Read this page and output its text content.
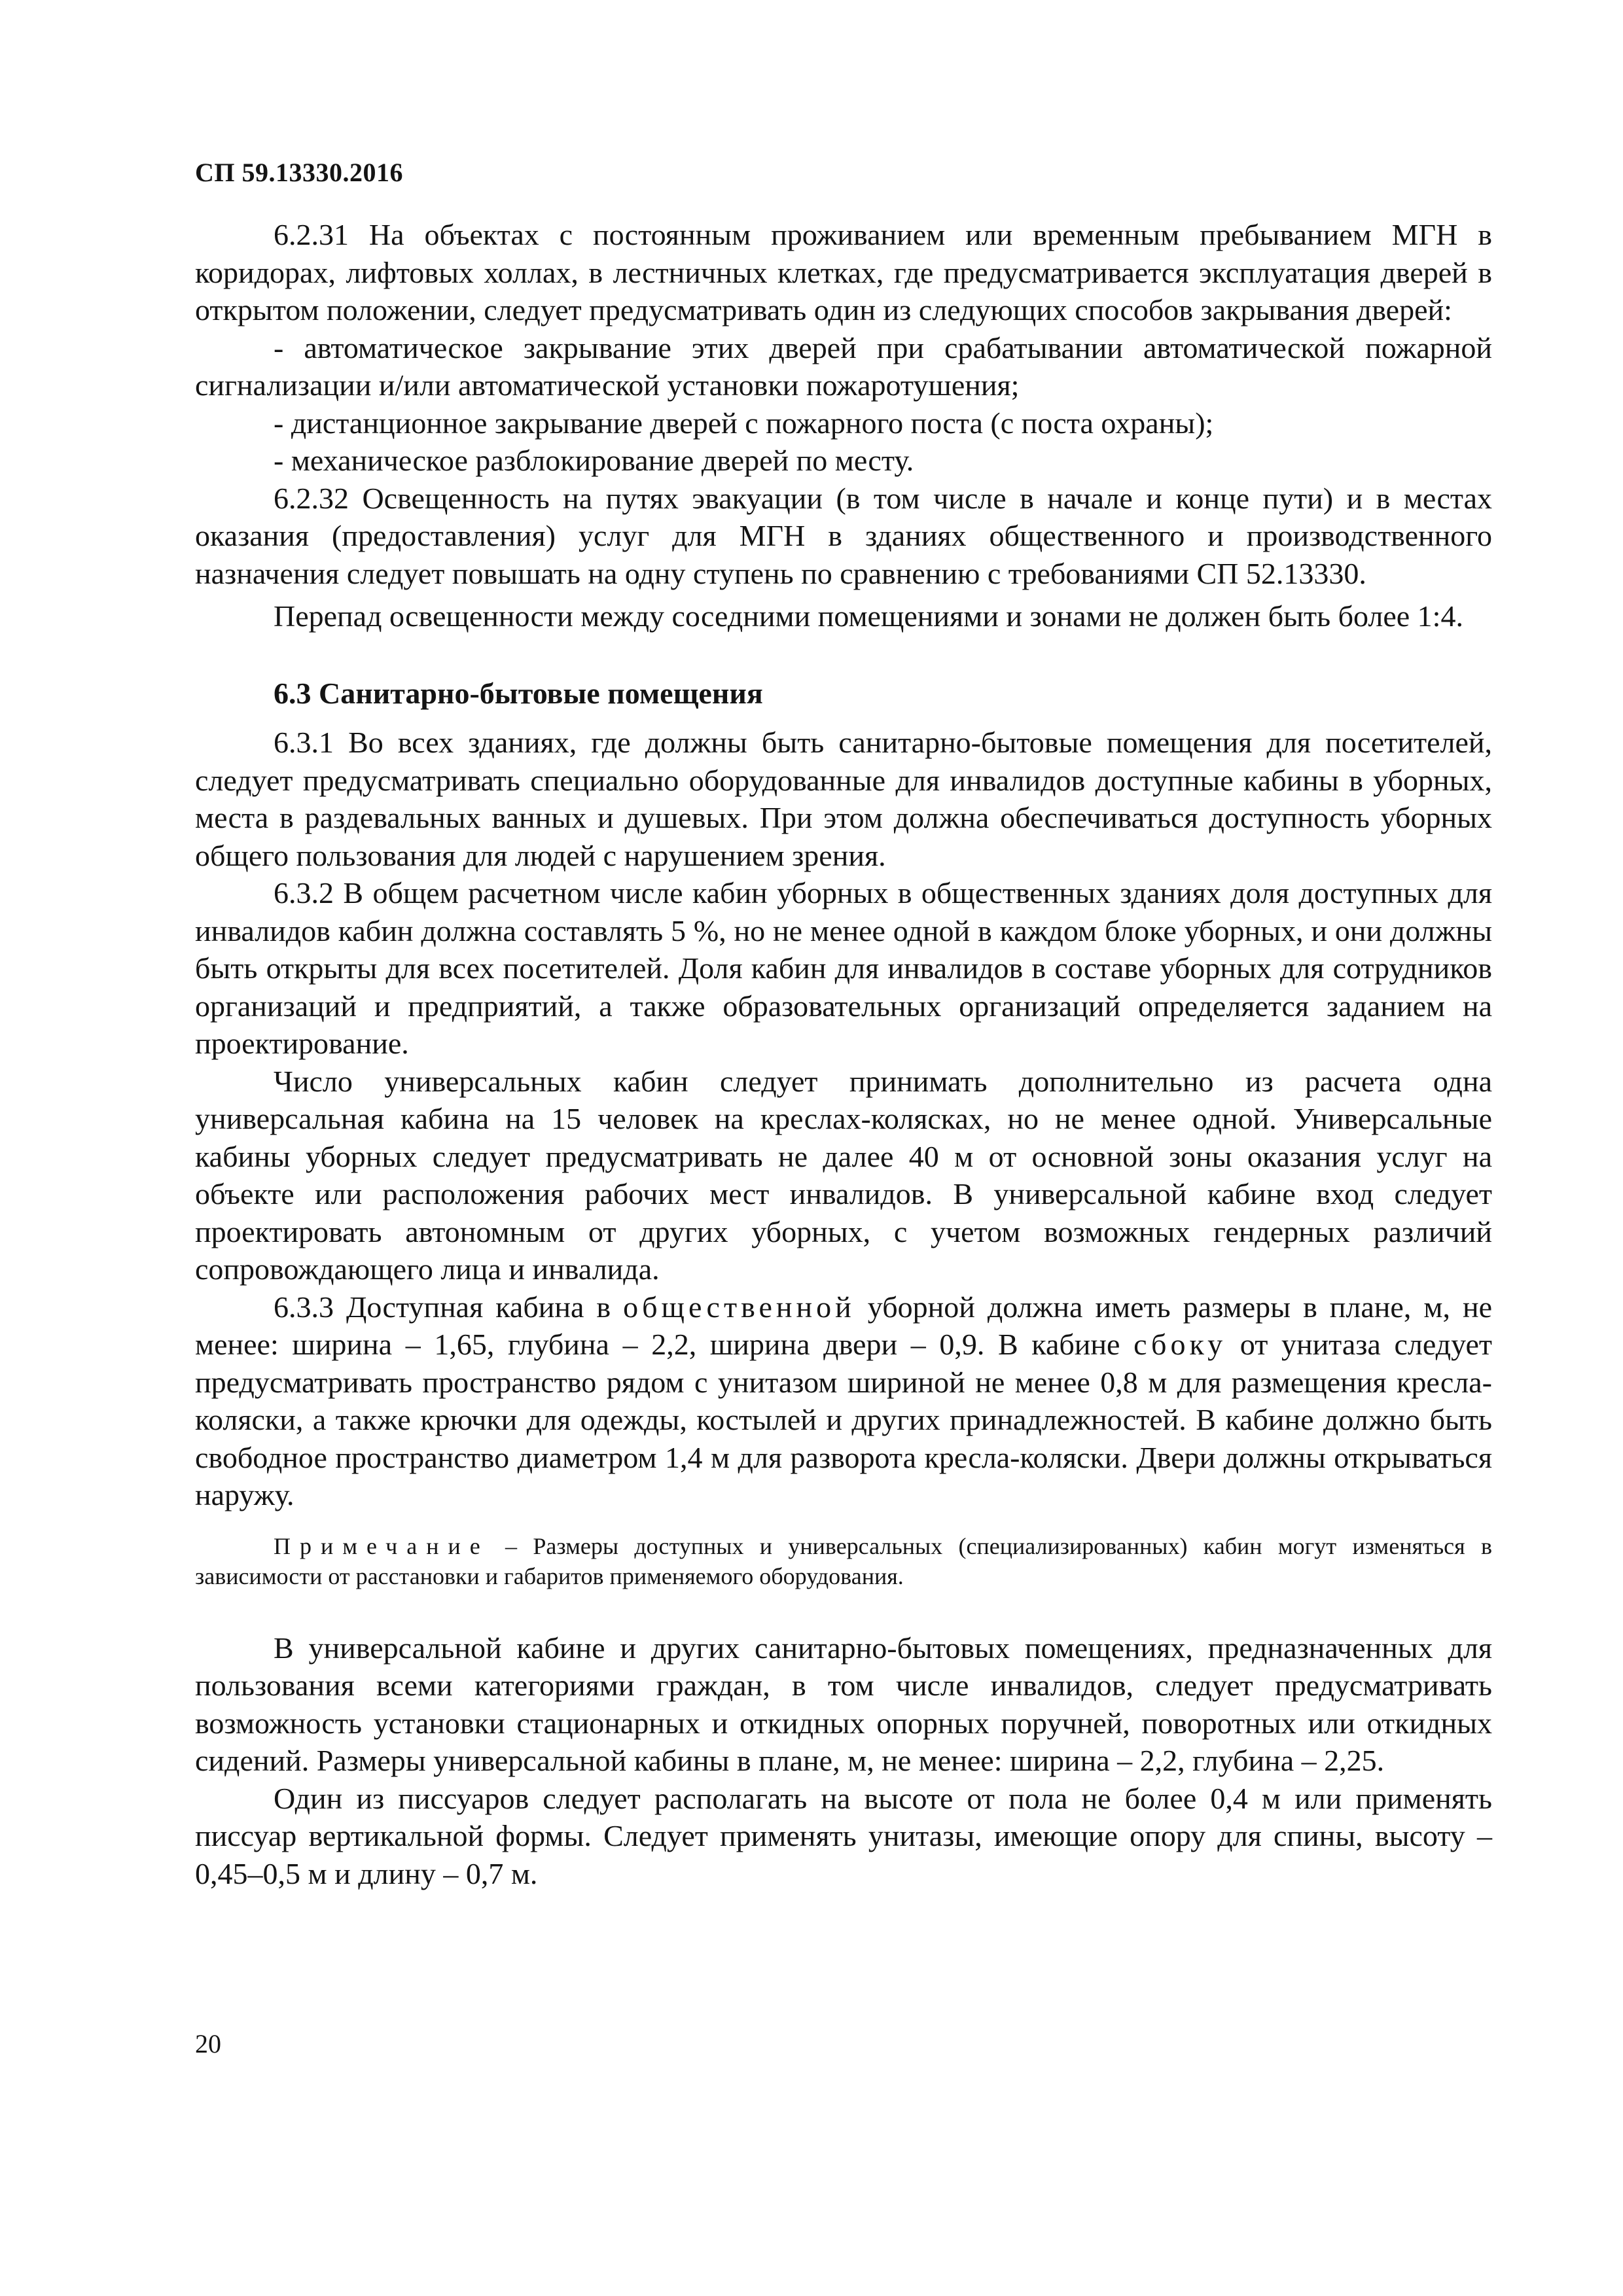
СП 59.13330.2016

6.2.31 На объектах с постоянным проживанием или временным пребыванием МГН в коридорах, лифтовых холлах, в лестничных клетках, где предусматривается эксплуатация дверей в открытом положении, следует предусматривать один из следующих способов закрывания дверей:

- автоматическое закрывание этих дверей при срабатывании автоматической пожарной сигнализации и/или автоматической установки пожаротушения;

- дистанционное закрывание дверей с пожарного поста (с поста охраны);

- механическое разблокирование дверей по месту.

6.2.32 Освещенность на путях эвакуации (в том числе в начале и конце пути) и в местах оказания (предоставления) услуг для МГН в зданиях общественного и производственного назначения следует повышать на одну ступень по сравнению с требованиями СП 52.13330.

Перепад освещенности между соседними помещениями и зонами не должен быть более 1:4.

6.3 Санитарно-бытовые помещения

6.3.1 Во всех зданиях, где должны быть санитарно-бытовые помещения для посетителей, следует предусматривать специально оборудованные для инвалидов доступные кабины в уборных, места в раздевальных ванных и душевых. При этом должна обеспечиваться доступность уборных общего пользования для людей с нарушением зрения.

6.3.2 В общем расчетном числе кабин уборных в общественных зданиях доля доступных для инвалидов кабин должна составлять 5 %, но не менее одной в каждом блоке уборных, и они должны быть открыты для всех посетителей. Доля кабин для инвалидов в составе уборных для сотрудников организаций и предприятий, а также образовательных организаций определяется заданием на проектирование.

Число универсальных кабин следует принимать дополнительно из расчета одна универсальная кабина на 15 человек на креслах-колясках, но не менее одной. Универсальные кабины уборных следует предусматривать не далее 40 м от основной зоны оказания услуг на объекте или расположения рабочих мест инвалидов. В универсальной кабине вход следует проектировать автономным от других уборных, с учетом возможных гендерных различий сопровождающего лица и инвалида.

6.3.3 Доступная кабина в общественной уборной должна иметь размеры в плане, м, не менее: ширина – 1,65, глубина – 2,2, ширина двери – 0,9. В кабине сбоку от унитаза следует предусматривать пространство рядом с унитазом шириной не менее 0,8 м для размещения кресла-коляски, а также крючки для одежды, костылей и других принадлежностей. В кабине должно быть свободное пространство диаметром 1,4 м для разворота кресла-коляски. Двери должны открываться наружу.

Примечание – Размеры доступных и универсальных (специализированных) кабин могут изменяться в зависимости от расстановки и габаритов применяемого оборудования.

В универсальной кабине и других санитарно-бытовых помещениях, предназначенных для пользования всеми категориями граждан, в том числе инвалидов, следует предусматривать возможность установки стационарных и откидных опорных поручней, поворотных или откидных сидений. Размеры универсальной кабины в плане, м, не менее: ширина – 2,2, глубина – 2,25.

Один из писсуаров следует располагать на высоте от пола не более 0,4 м или применять писсуар вертикальной формы. Следует применять унитазы, имеющие опору для спины, высоту – 0,45–0,5 м и длину – 0,7 м.

20
